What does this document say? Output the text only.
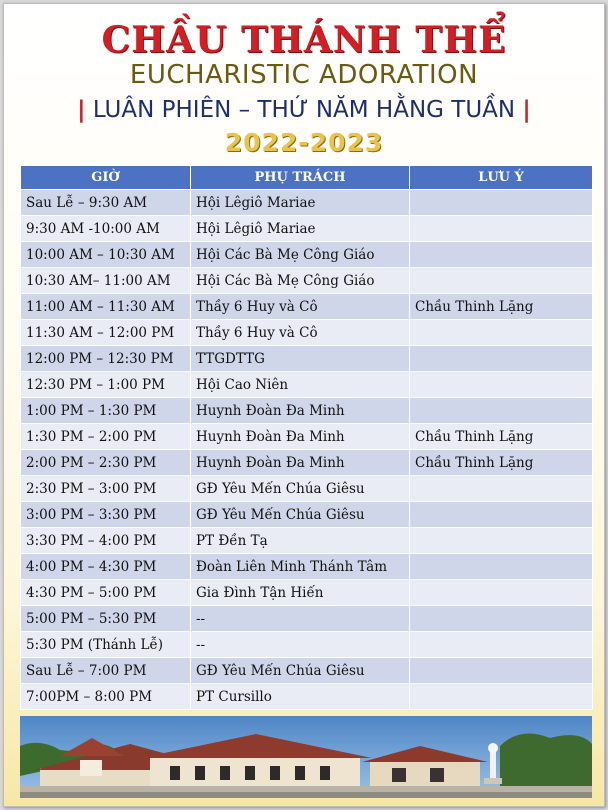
CHẦU THÁNH THỂ
EUCHARISTIC ADORATION
| LUÂN PHIÊN – THỨ NĂM HẰNG TUẦN |
2022-2023
GIỜ	PHỤ TRÁCH	LƯU Ý
Sau Lễ – 9:30 AM	Hội Lêgiô Mariae	
9:30 AM -10:00 AM	Hội Lêgiô Mariae	
10:00 AM – 10:30 AM	Hội Các Bà Mẹ Công Giáo	
10:30 AM– 11:00 AM	Hội Các Bà Mẹ Công Giáo	
11:00 AM – 11:30 AM	Thầy 6 Huy và Cô	Chầu Thinh Lặng
11:30 AM – 12:00 PM	Thầy 6 Huy và Cô	
12:00 PM – 12:30 PM	TTGDTTG	
12:30 PM – 1:00 PM	Hội Cao Niên	
1:00 PM – 1:30 PM	Huynh Đoàn Đa Minh	
1:30 PM – 2:00 PM	Huynh Đoàn Đa Minh	Chầu Thinh Lặng
2:00 PM – 2:30 PM	Huynh Đoàn Đa Minh	Chầu Thinh Lặng
2:30 PM – 3:00 PM	GĐ Yêu Mến Chúa Giêsu	
3:00 PM – 3:30 PM	GĐ Yêu Mến Chúa Giêsu	
3:30 PM – 4:00 PM	PT Đền Tạ	
4:00 PM – 4:30 PM	Đoàn Liên Minh Thánh Tâm	
4:30 PM – 5:00 PM	Gia Đình Tận Hiến	
5:00 PM – 5:30 PM	--	
5:30 PM (Thánh Lễ)	--	
Sau Lễ – 7:00 PM	GĐ Yêu Mến Chúa Giêsu	
7:00PM – 8:00 PM	PT Cursillo	
